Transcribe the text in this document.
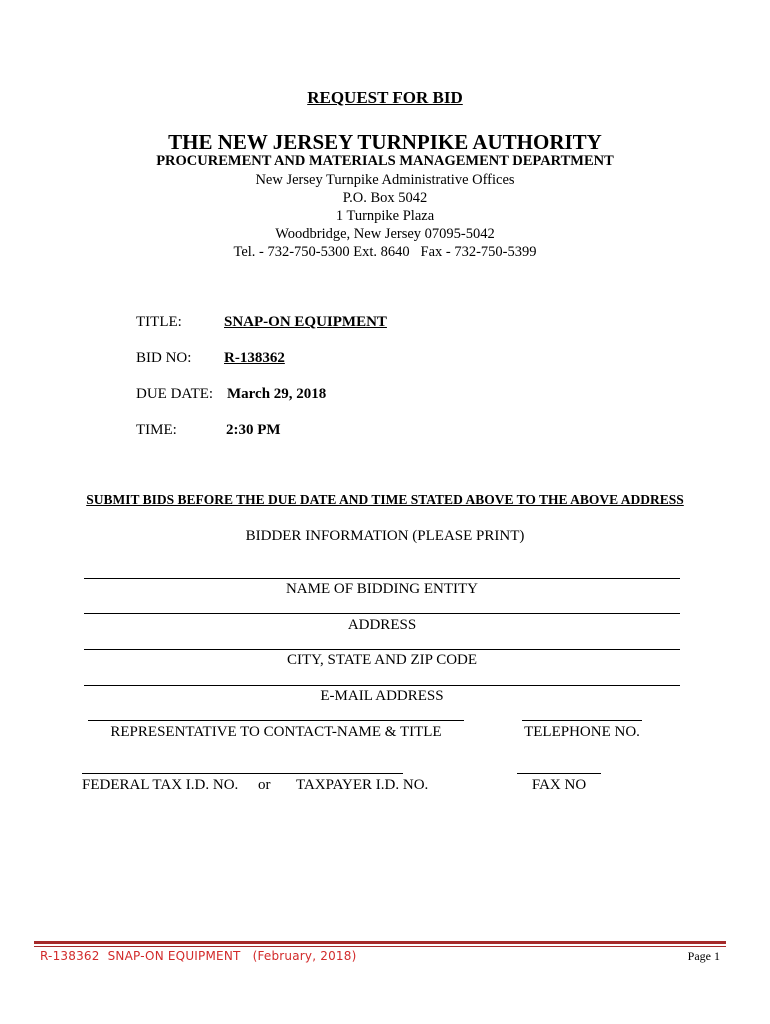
REQUEST FOR BID
THE NEW JERSEY TURNPIKE AUTHORITY
PROCUREMENT AND MATERIALS MANAGEMENT DEPARTMENT
New Jersey Turnpike Administrative Offices
P.O. Box 5042
1 Turnpike Plaza
Woodbridge, New Jersey 07095-5042
Tel. - 732-750-5300 Ext. 8640   Fax - 732-750-5399
TITLE:	SNAP-ON EQUIPMENT
BID NO: R-138362
DUE DATE: March 29, 2018
TIME:	2:30 PM
SUBMIT BIDS BEFORE THE DUE DATE AND TIME STATED ABOVE TO THE ABOVE ADDRESS
BIDDER INFORMATION (PLEASE PRINT)
NAME OF BIDDING ENTITY
ADDRESS
CITY, STATE AND ZIP CODE
E-MAIL ADDRESS
REPRESENTATIVE TO CONTACT-NAME & TITLE	TELEPHONE NO.
FEDERAL TAX I.D. NO. or TAXPAYER I.D. NO.	FAX NO
R-138362  SNAP-ON EQUIPMENT   (February, 2018)	Page 1
